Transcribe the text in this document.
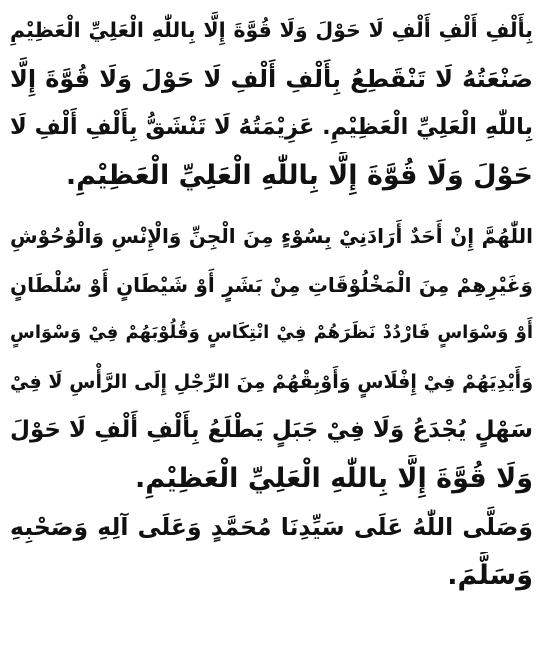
بِأَلْفِ أَلْفِ أَلْفِ لَا حَوْلَ وَلَا قُوَّةَ إِلَّا بِاللّٰهِ الْعَلِيِّ الْعَظِيْمِ
صَنْعَتُهُ لَا تَنْقَطِعُ بِأَلْفِ أَلْفِ لَا حَوْلَ وَلَا قُوَّةَ إِلَّا
بِاللّٰهِ الْعَلِيِّ الْعَظِيْمِ. عَزِيْمَتُهُ لَا تَنْشَقُّ بِأَلْفِ أَلْفِ لَا
حَوْلَ وَلَا قُوَّةَ إِلَّا بِاللّٰهِ الْعَلِيِّ الْعَظِيْمِ.
اللّٰهُمَّ إِنْ أَحَدٌ أَرَادَنِيْ بِسُوْءٍ مِنَ الْجِنِّ وَالْإِنْسِ وَالْوُحُوْشِ
وَغَيْرِهِمْ مِنَ الْمَخْلُوْقَاتِ مِنْ بَشَرٍ أَوْ شَيْطَانٍ أَوْ سُلْطَانٍ
أَوْ وَسْوَاسٍ فَارْدُدْ نَظَرَهُمْ فِيْ انْتِكَاسٍ وَقُلُوْبَهُمْ فِيْ وَسْوَاسٍ
وَأَيْدِيَهُمْ فِيْ إِفْلَاسٍ وَأَوْبِقْهُمْ مِنَ الرِّجْلِ إِلَى الرَّأْسِ لَا فِيْ
سَهْلٍ يُجْدَعُ وَلَا فِيْ جَبَلٍ يَطْلَعُ بِأَلْفِ أَلْفِ لَا حَوْلَ
وَلَا قُوَّةَ إِلَّا بِاللّٰهِ الْعَلِيِّ الْعَظِيْمِ.
وَصَلَّى اللّٰهُ عَلَى سَيِّدِنَا مُحَمَّدٍ وَعَلَى آلِهِ وَصَحْبِهِ
وَسَلَّمَ.
